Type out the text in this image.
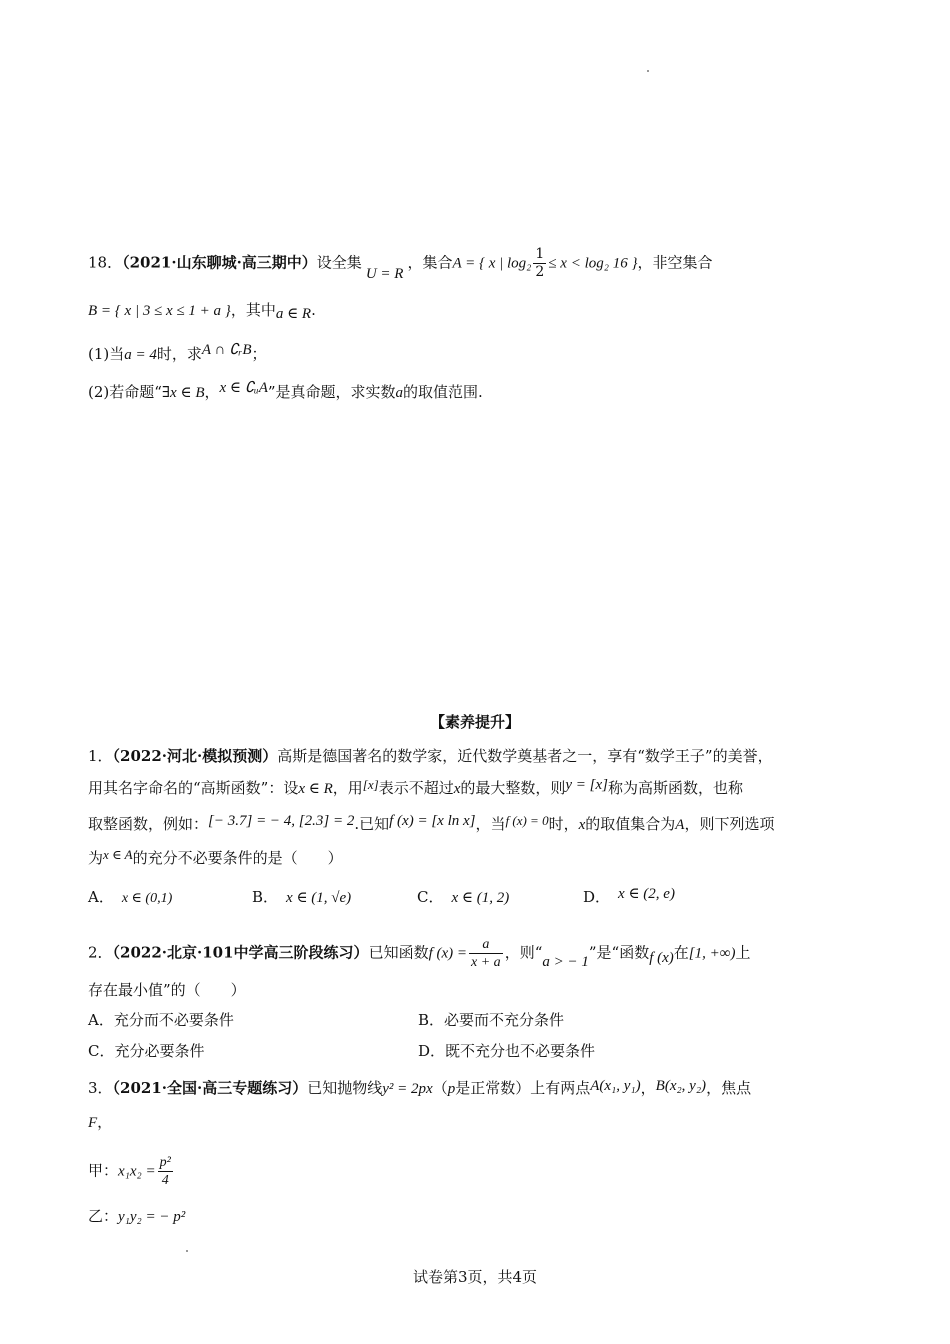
18．（2021·山东聊城·高三期中）设全集U = R，集合A = { x | $\log_2 \frac{1}{2} \le x < \log_2$ 16 }，非空集合
B = { x | 3 ≤ x ≤ 1 + a }，其中a ∈ R.
(1)当a = 4时，求A ∩ ∁ᵣB；
(2)若命题“∃x ∈ B，x ∈ ∁ᵤA”是真命题，求实数a的取值范围.
【素养提升】
1．（2022·河北·模拟预测）高斯是德国著名的数学家，近代数学奠基者之一，享有“数学王子”的美誉，
用其名字命名的“高斯函数”：设x ∈ R，用[x]表示不超过x的最大整数，则y = [x]称为高斯函数，也称
取整函数，例如：[− 3.7] = − 4, [2.3] = 2.已知f (x) = [x ln x]，当f (x) = 0时，x的取值集合为A，则下列选项
为x ∈ A的充分不必要条件的是（　　）
A． x ∈ (0,1)	B． x ∈ (1, √e)	C． x ∈ (1, 2)	D． x ∈ (2, e)
2．（2022·北京·101中学高三阶段练习）已知函数f $(x) = \frac{a}{x + a}$ ，则“a > − 1”是“函数f (x)在[1, +∞)上
存在最小值”的（　　）
A．充分而不必要条件	B．必要而不充分条件
C．充分必要条件	D．既不充分也不必要条件
3．（2021·全国·高三专题练习）已知抛物线y² = 2px（p是正常数）上有两点A(x₁, y₁)，B(x₂, y₂)，焦点
F，
甲：$x_1x_2 = \frac{\text{p²}}{4}$
乙：y₁y₂ = − p²
试卷第3页，共4页
